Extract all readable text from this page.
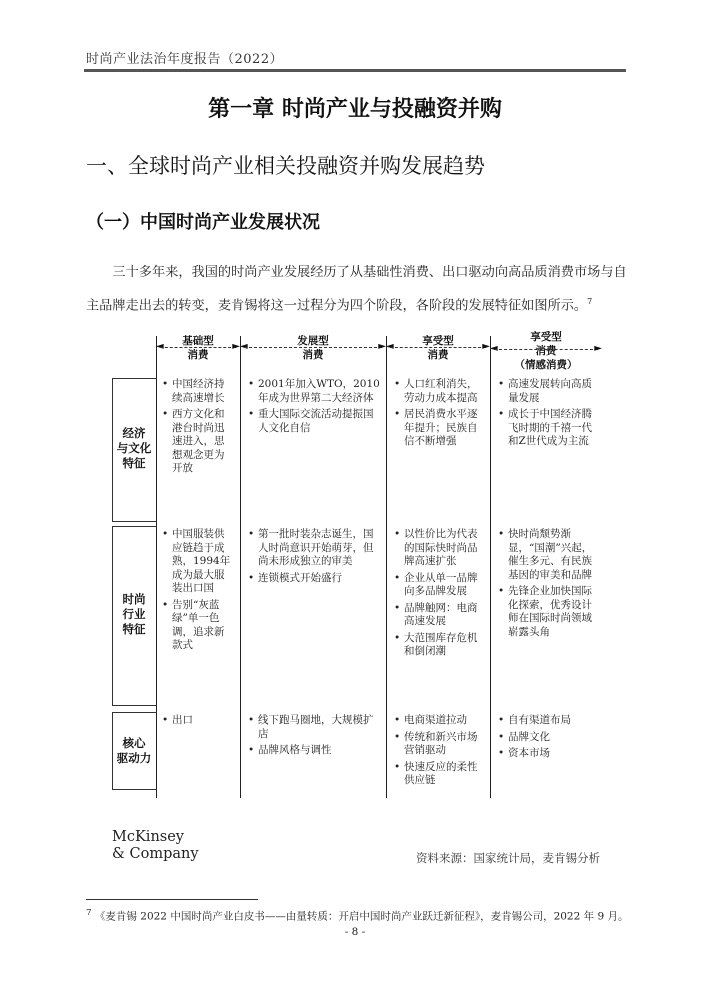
时尚产业法治年度报告（2022）
第一章 时尚产业与投融资并购
一、全球时尚产业相关投融资并购发展趋势
（一）中国时尚产业发展状况
三十多年来，我国的时尚产业发展经历了从基础性消费、出口驱动向高品质消费市场与自主品牌走出去的转变，麦肯锡将这一过程分为四个阶段，各阶段的发展特征如图所示。$^7$
基础型
消费
◄	►	发展型
消费
◄	►	享受型
消费
◄	►
享受型
消费
（情感消费）
◄	►
经济
与文化
特征
时尚
行业
特征
核心
驱动力
• 中国经济持续高速增长
• 西方文化和港台时尚迅速进入，思想观念更为开放
• 2001年加入WTO，2010年成为世界第二大经济体
• 重大国际交流活动提振国人文化自信
• 人口红利消失，劳动力成本提高
• 居民消费水平逐年提升；民族自信不断增强
• 高速发展转向高质量发展
• 成长于中国经济腾飞时期的千禧一代和Z世代成为主流
• 中国服装供应链趋于成熟，1994年成为最大服装出口国
• 告别“灰蓝绿”单一色调，追求新款式
• 第一批时装杂志诞生，国人时尚意识开始萌芽，但尚未形成独立的审美
• 连锁模式开始盛行
• 以性价比为代表的国际快时尚品牌高速扩张
• 企业从单一品牌向多品牌发展
• 品牌触网：电商高速发展
• 大范围库存危机和倒闭潮
• 快时尚颓势渐显，“国潮”兴起，催生多元、有民族基因的审美和品牌
• 先锋企业加快国际化探索，优秀设计师在国际时尚领域崭露头角
• 出口
•	线下跑马圈地，大规模扩店
• 品牌风格与调性
• 电商渠道拉动
• 传统和新兴市场营销驱动
• 快速反应的柔性供应链
• 自有渠道布局
• 品牌文化
• 资本市场
McKinsey
& Company	资料来源：国家统计局，麦肯锡分析
$^7$ 《麦肯锡 2022 中国时尚产业白皮书——由量转质：开启中国时尚产业跃迁新征程》，麦肯锡公司，2022 年 9 月。
- 8 -
